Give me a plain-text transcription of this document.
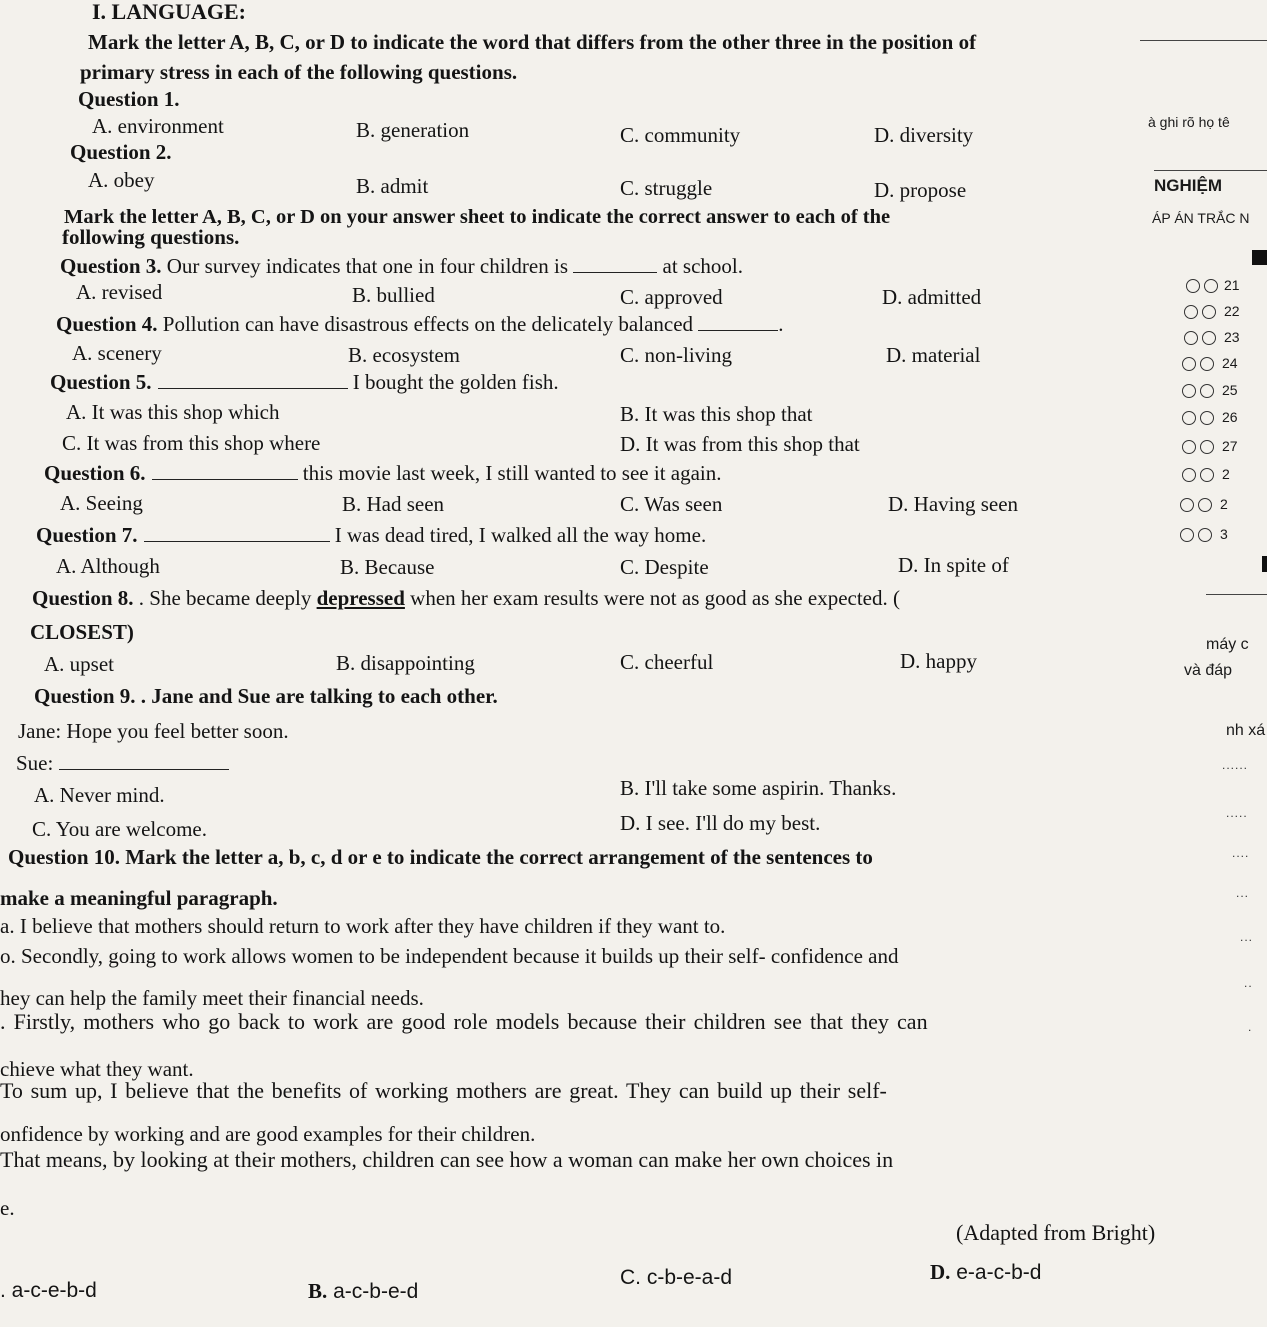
I. LANGUAGE:
Mark the letter A, B, C, or D to indicate the word that differs from the other three in the position of
primary stress in each of the following questions.
Question 1.
A. environment	B. generation	C. community	D. diversity
Question 2.
A. obey	B. admit	C. struggle	D. propose
Mark the letter A, B, C, or D on your answer sheet to indicate the correct answer to each of the
following questions.
Question 3. Our survey indicates that one in four children is	at school.
A. revised	B. bullied	C. approved	D. admitted
Question 4. Pollution can have disastrous effects on the delicately balanced	.
A. scenery	B. ecosystem	C. non-living	D. material
Question 5.	I bought the golden fish.
A. It was this shop which	B. It was this shop that
C. It was from this shop where	D. It was from this shop that
Question 6.	this movie last week, I still wanted to see it again.
A. Seeing	B. Had seen	C. Was seen	D. Having seen
Question 7.	I was dead tired, I walked all the way home.
A. Although	B. Because	C. Despite	D. In spite of
Question 8. . She became deeply depressed when her exam results were not as good as she expected. (
CLOSEST)
A. upset	B. disappointing	C. cheerful	D. happy
Question 9. . Jane and Sue are talking to each other.
Jane: Hope you feel better soon.
Sue:
A. Never mind.	B. I'll take some aspirin. Thanks.
C. You are welcome.	D. I see. I'll do my best.
Question 10. Mark the letter a, b, c, d or e to indicate the correct arrangement of the sentences to
make a meaningful paragraph.
a. I believe that mothers should return to work after they have children if they want to.
o. Secondly, going to work allows women to be independent because it builds up their self- confidence and
hey can help the family meet their financial needs.
. Firstly, mothers who go back to work are good role models because their children see that they can
chieve what they want.
To sum up, I believe that the benefits of working mothers are great. They can build up their self-
onfidence by working and are good examples for their children.
That means, by looking at their mothers, children can see how a woman can make her own choices in
e.
(Adapted from Bright)
. a-c-e-b-d	B. a-c-b-e-d
C. c-b-e-a-d	D. e-a-c-b-d
à ghi rõ họ tê
NGHIỆM
ÁP ÁN TRẮC N
21
22
23
24
25
26
27
2
2
3
máy c
và đáp
nh xá
......
.....
....
...
...
..
.
